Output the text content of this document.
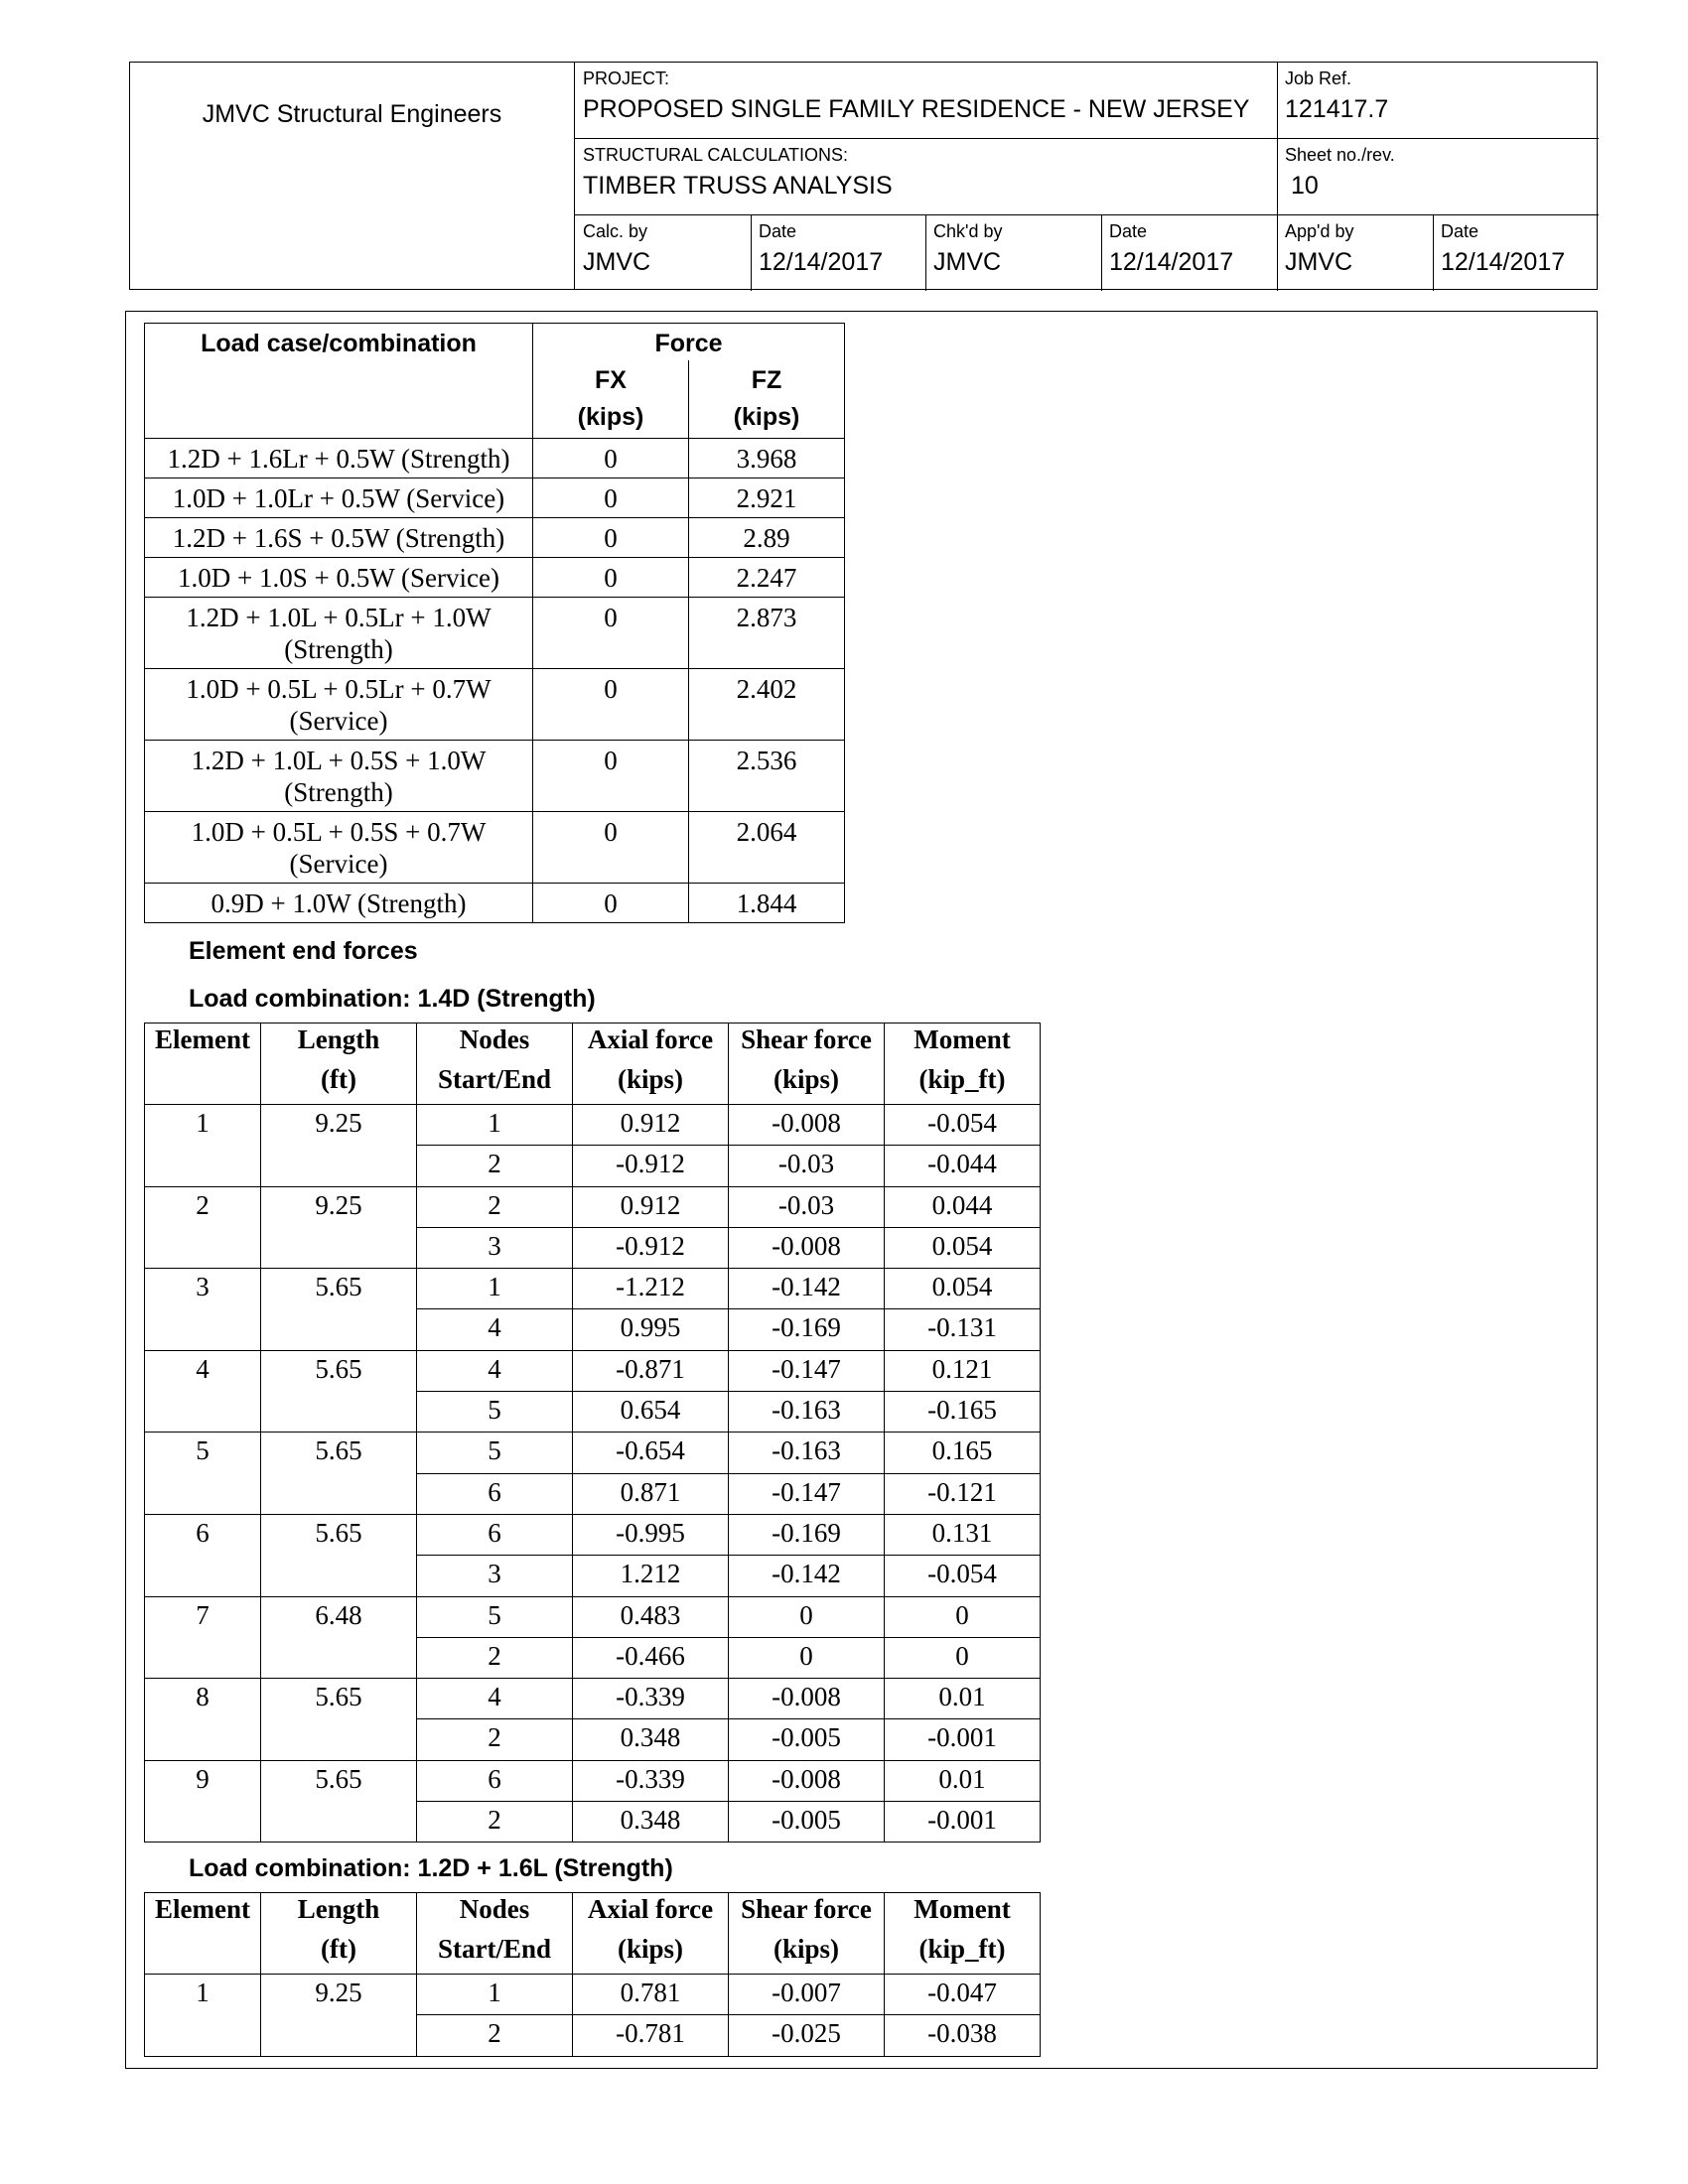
JMVC Structural Engineers
PROJECT:
PROPOSED SINGLE FAMILY RESIDENCE - NEW JERSEY
Job Ref.
121417.7
STRUCTURAL CALCULATIONS:
TIMBER TRUSS ANALYSIS
Sheet no./rev.
10
Calc. by
JMVC
Date
12/14/2017
Chk'd by
JMVC
Date
12/14/2017
App'd by
JMVC
Date
12/14/2017
Load case/combination	Force	
	FX	FZ
	(kips)	(kips)
1.2D + 1.6Lr + 0.5W (Strength)	0	3.968
1.0D + 1.0Lr + 0.5W (Service)	0	2.921
1.2D + 1.6S + 0.5W (Strength)	0	2.89
1.0D + 1.0S + 0.5W (Service)	0	2.247
1.2D + 1.0L + 0.5Lr + 1.0W (Strength)	0	2.873
1.0D + 0.5L + 0.5Lr + 0.7W (Service)	0	2.402
1.2D + 1.0L + 0.5S + 1.0W (Strength)	0	2.536
1.0D + 0.5L + 0.5S + 0.7W (Service)	0	2.064
0.9D + 1.0W (Strength)	0	1.844
Element end forces
Load combination: 1.4D (Strength)
Element	Length	Nodes	Axial force	Shear force	Moment
	(ft)	Start/End	(kips)	(kips)	(kip_ft)
1	9.25	1	0.912	-0.008	-0.054
		2	-0.912	-0.03	-0.044
2	9.25	2	0.912	-0.03	0.044
		3	-0.912	-0.008	0.054
3	5.65	1	-1.212	-0.142	0.054
		4	0.995	-0.169	-0.131
4	5.65	4	-0.871	-0.147	0.121
		5	0.654	-0.163	-0.165
5	5.65	5	-0.654	-0.163	0.165
		6	0.871	-0.147	-0.121
6	5.65	6	-0.995	-0.169	0.131
		3	1.212	-0.142	-0.054
7	6.48	5	0.483	0	0
		2	-0.466	0	0
8	5.65	4	-0.339	-0.008	0.01
		2	0.348	-0.005	-0.001
9	5.65	6	-0.339	-0.008	0.01
		2	0.348	-0.005	-0.001
Load combination: 1.2D + 1.6L (Strength)
Element	Length	Nodes	Axial force	Shear force	Moment
	(ft)	Start/End	(kips)	(kips)	(kip_ft)
1	9.25	1	0.781	-0.007	-0.047
		2	-0.781	-0.025	-0.038
